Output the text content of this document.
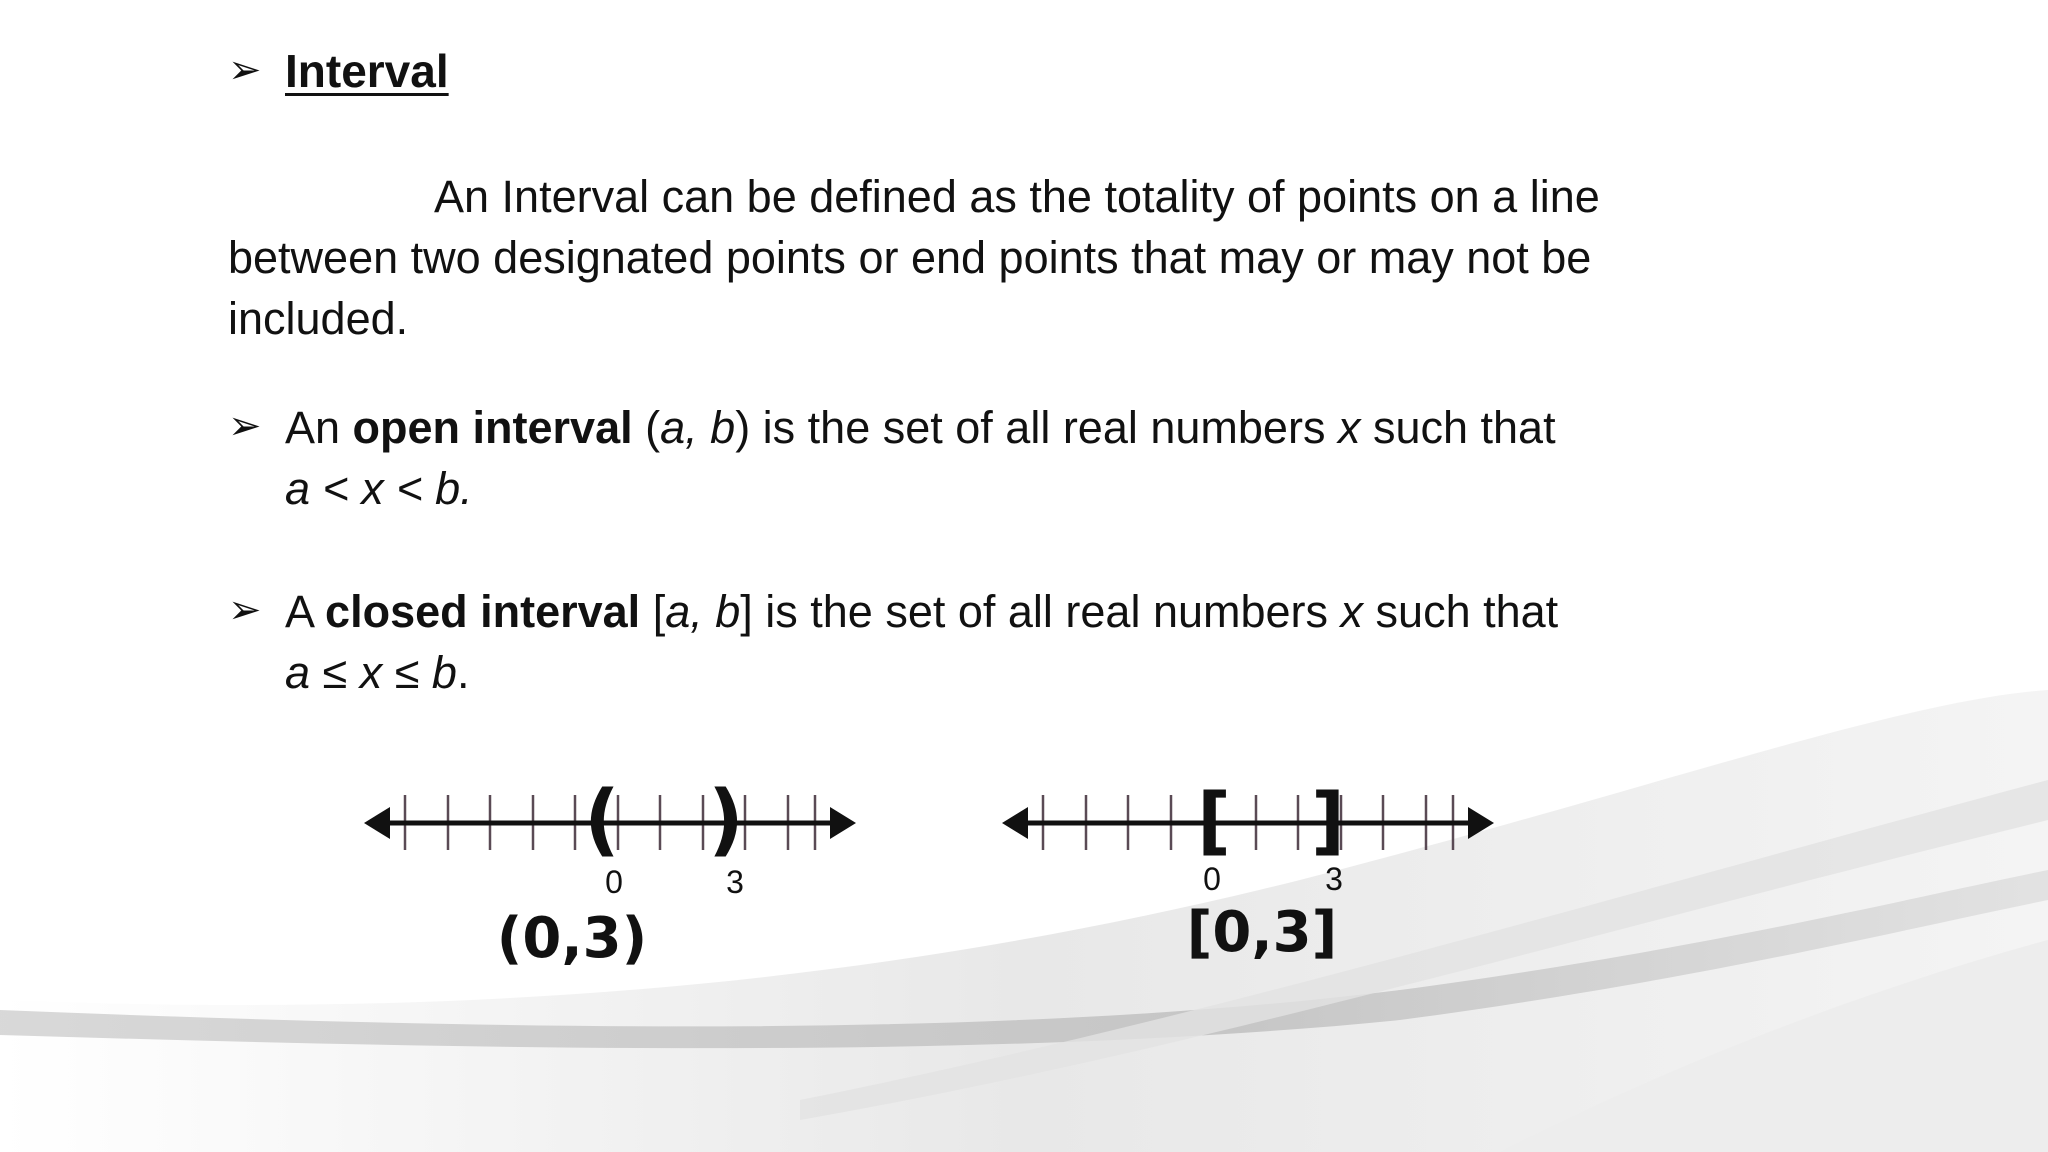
➢ Interval

An Interval can be defined as the totality of points on a line between two designated points or end points that may or may not be included.

➢ An open interval (a, b) is the set of all real numbers x such that a < x < b.

➢ A closed interval [a, b] is the set of all real numbers x such that a ≤ x ≤ b.

( )
0	3
(0,3)
[ ]
0	3
[0,3]
